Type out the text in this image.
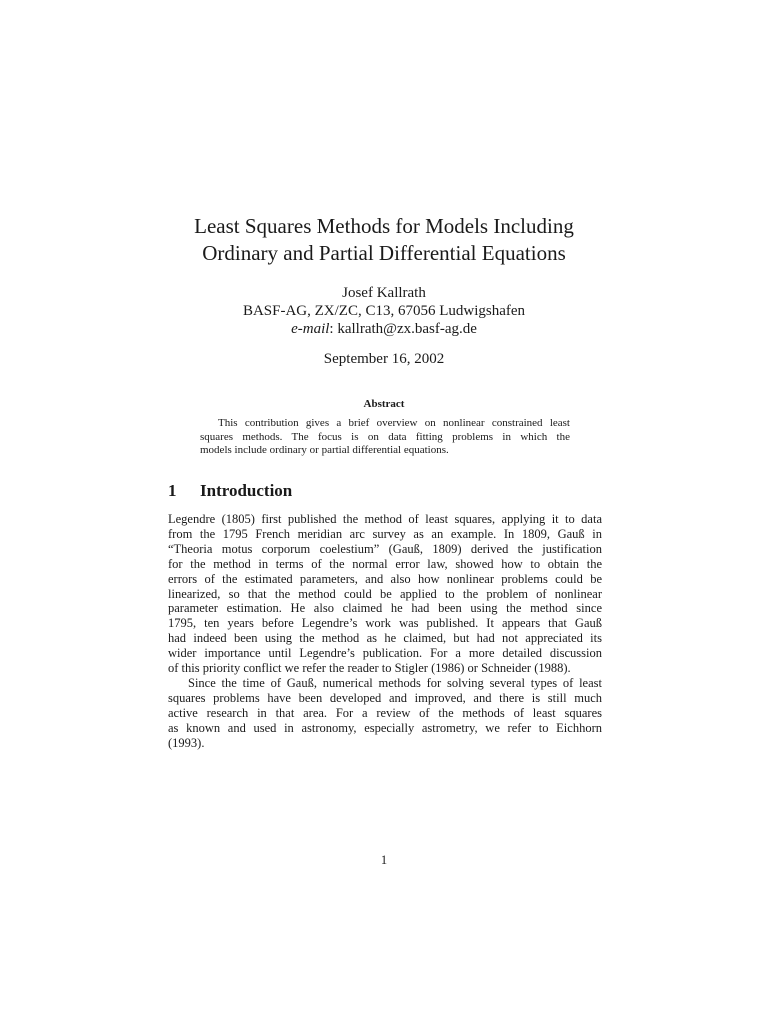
Least Squares Methods for Models Including
Ordinary and Partial Differential Equations
Josef Kallrath
BASF-AG, ZX/ZC, C13, 67056 Ludwigshafen
e-mail: kallrath@zx.basf-ag.de
September 16, 2002
Abstract
This contribution gives a brief overview on nonlinear constrained least
squares methods. The focus is on data fitting problems in which the
models include ordinary or partial differential equations.
1 Introduction
Legendre (1805) first published the method of least squares, applying it to data
from the 1795 French meridian arc survey as an example. In 1809, Gauß in
“Theoria motus corporum coelestium” (Gauß, 1809) derived the justification
for the method in terms of the normal error law, showed how to obtain the
errors of the estimated parameters, and also how nonlinear problems could be
linearized, so that the method could be applied to the problem of nonlinear
parameter estimation. He also claimed he had been using the method since
1795, ten years before Legendre’s work was published. It appears that Gauß
had indeed been using the method as he claimed, but had not appreciated its
wider importance until Legendre’s publication. For a more detailed discussion
of this priority conflict we refer the reader to Stigler (1986) or Schneider (1988).
Since the time of Gauß, numerical methods for solving several types of least
squares problems have been developed and improved, and there is still much
active research in that area. For a review of the methods of least squares
as known and used in astronomy, especially astrometry, we refer to Eichhorn
(1993).
1
